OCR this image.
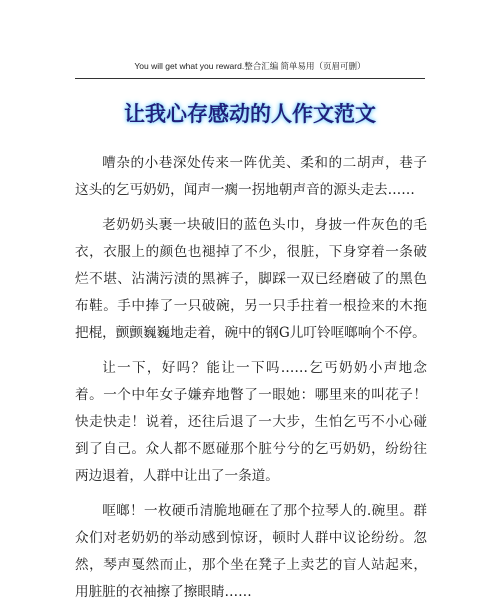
You will get what you reward.整合汇编 简单易用（页眉可删）
让我心存感动的人作文范文

嘈杂的小巷深处传来一阵优美、柔和的二胡声，巷子这头的乞丐奶奶，闻声一瘸一拐地朝声音的源头走去……

老奶奶头裹一块破旧的蓝色头巾，身披一件灰色的毛衣，衣服上的颜色也褪掉了不少，很脏，下身穿着一条破烂不堪、沾满污渍的黑裤子，脚踩一双已经磨破了的黑色布鞋。手中捧了一只破碗，另一只手拄着一根捡来的木拖把棍，颤颤巍巍地走着，碗中的钢G儿叮铃哐啷响个不停。

让一下，好吗？能让一下吗……乞丐奶奶小声地念着。一个中年女子嫌弃地瞥了一眼她：哪里来的叫花子！快走快走！说着，还往后退了一大步，生怕乞丐不小心碰到了自己。众人都不愿碰那个脏兮兮的乞丐奶奶，纷纷往两边退着，人群中让出了一条道。

哐啷！一枚硬币清脆地砸在了那个拉琴人的.碗里。群众们对老奶奶的举动感到惊讶，顿时人群中议论纷纷。忽然，琴声戛然而止，那个坐在凳子上卖艺的盲人站起来，用脏脏的衣袖擦了擦眼睛……
